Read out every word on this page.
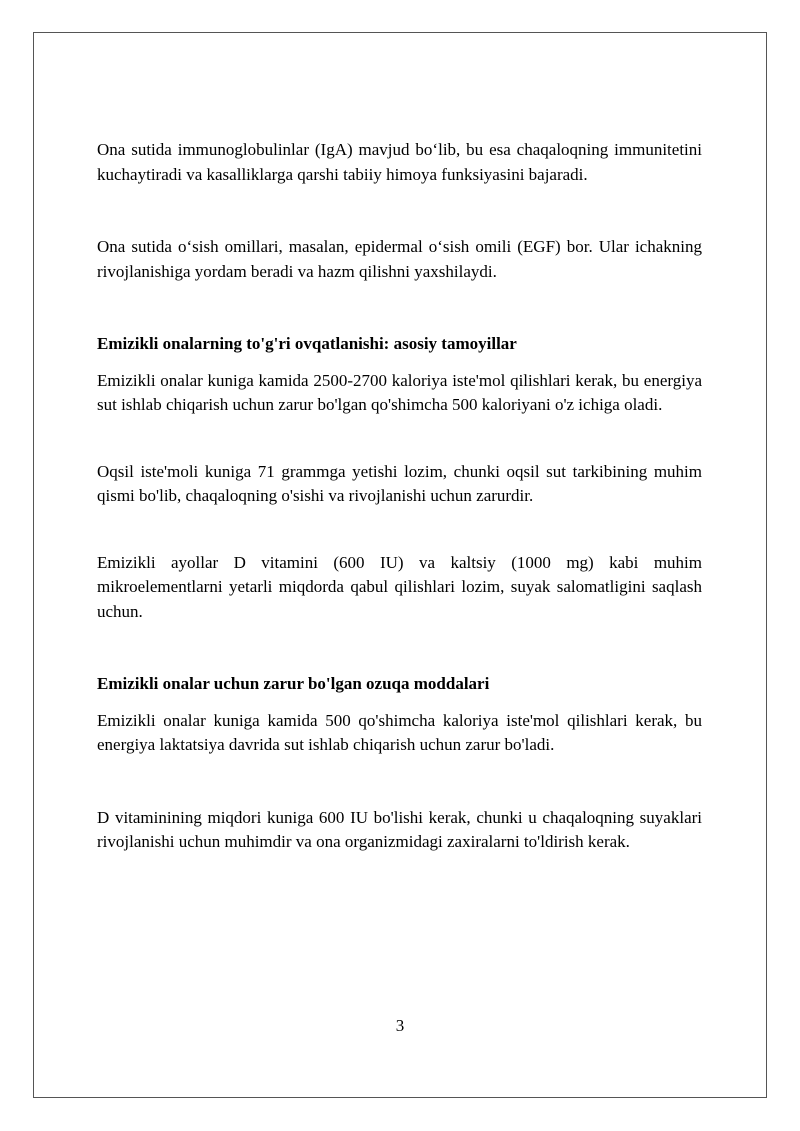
Ona sutida immunoglobulinlar (IgA) mavjud bo‘lib, bu esa chaqaloqning immunitetini kuchaytiradi va kasalliklarga qarshi tabiiy himoya funksiyasini bajaradi.

Ona sutida o‘sish omillari, masalan, epidermal o‘sish omili (EGF) bor. Ular ichakning rivojlanishiga yordam beradi va hazm qilishni yaxshilaydi.

Emizikli onalarning to'g'ri ovqatlanishi: asosiy tamoyillar

Emizikli onalar kuniga kamida 2500-2700 kaloriya iste'mol qilishlari kerak, bu energiya sut ishlab chiqarish uchun zarur bo'lgan qo'shimcha 500 kaloriyani o'z ichiga oladi.

Oqsil iste'moli kuniga 71 grammga yetishi lozim, chunki oqsil sut tarkibining muhim qismi bo'lib, chaqaloqning o'sishi va rivojlanishi uchun zarurdir.

Emizikli ayollar D vitamini (600 IU) va kaltsiy (1000 mg) kabi muhim mikroelementlarni yetarli miqdorda qabul qilishlari lozim, suyak salomatligini saqlash uchun.

Emizikli onalar uchun zarur bo'lgan ozuqa moddalari

Emizikli onalar kuniga kamida 500 qo'shimcha kaloriya iste'mol qilishlari kerak, bu energiya laktatsiya davrida sut ishlab chiqarish uchun zarur bo'ladi.

D vitaminining miqdori kuniga 600 IU bo'lishi kerak, chunki u chaqaloqning suyaklari rivojlanishi uchun muhimdir va ona organizmidagi zaxiralarni to'ldirish kerak.

3
